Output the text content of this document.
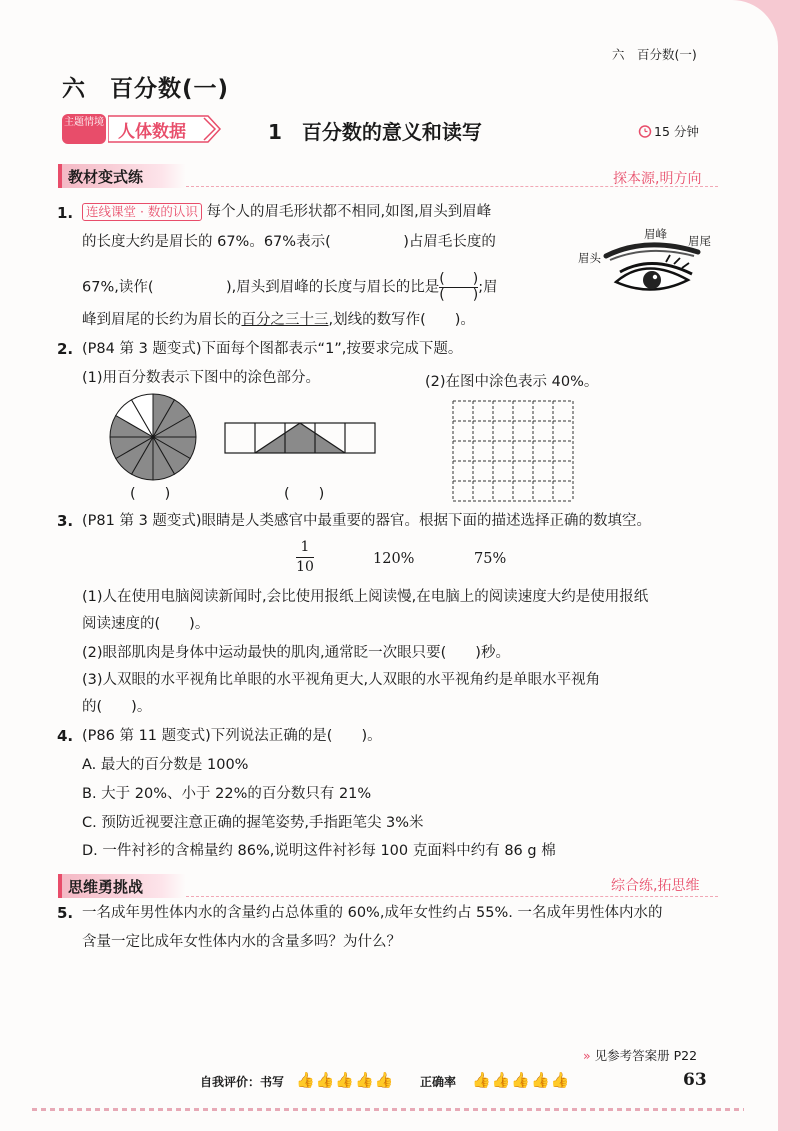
六　百分数(一)
六　百分数(一)
主题情境 人体数据	1　百分数的意义和读写	15 分钟
教材变式练	探本源,明方向
1.	连线课堂 · 数的认识 每个人的眉毛形状都不相同,如图,眉头到眉峰
的长度大约是眉长的 67%。67%表示(　　　　　)占眉毛长度的
67%,读作(　　　　　),眉头到眉峰的长度与眉长的比是 $\frac{( )}{( )}$ ;眉
峰到眉尾的长约为眉长的百分之三十三,划线的数写作(　　)。
眉头
眉峰 眉尾
2. (P84 第 3 题变式)下面每个图都表示“1”,按要求完成下题。
(1)用百分数表示下图中的涂色部分。	(2)在图中涂色表示 40%。
(　　)	(　　)
3. (P81 第 3 题变式)眼睛是人类感官中最重要的器官。根据下面的描述选择正确的数填空。
$\frac{1}{10}$	120%	75%
(1)人在使用电脑阅读新闻时,会比使用报纸上阅读慢,在电脑上的阅读速度大约是使用报纸
阅读速度的(　　)。
(2)眼部肌肉是身体中运动最快的肌肉,通常眨一次眼只要(　　)秒。
(3)人双眼的水平视角比单眼的水平视角更大,人双眼的水平视角约是单眼水平视角
的(　　)。
4. (P86 第 11 题变式)下列说法正确的是(　　)。
A. 最大的百分数是 100%
B. 大于 20%、小于 22%的百分数只有 21%
C. 预防近视要注意正确的握笔姿势,手指距笔尖 3%米
D. 一件衬衫的含棉量约 86%,说明这件衬衫每 100 克面料中约有 86 g 棉
思维勇挑战	综合练,拓思维
5. 一名成年男性体内水的含量约占总体重的 60%,成年女性约占 55%. 一名成年男性体内水的
含量一定比成年女性体内水的含量多吗？为什么？
» 见参考答案册 P22
自我评价：书写 👍👍👍👍👍 正确率 👍👍👍👍👍	63
